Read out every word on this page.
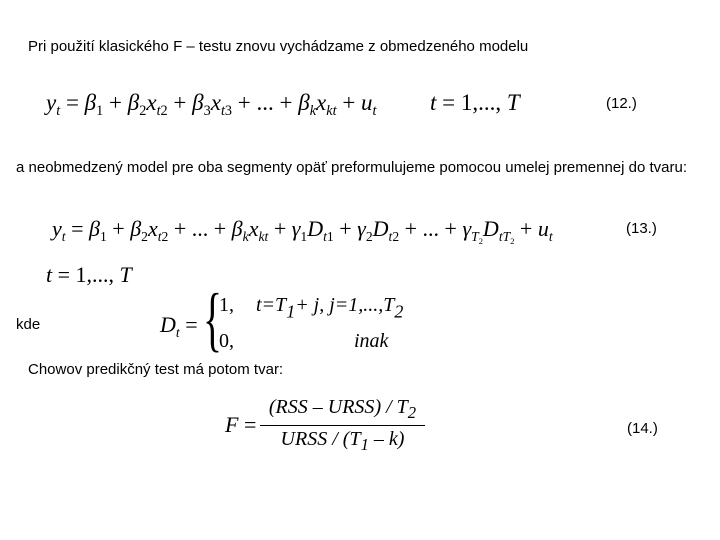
Pri použití klasického F – testu znovu vychádzame z obmedzeného modelu
$y_t = \beta_1 + \beta_2x_{t2} + \beta_3x_{t3}$ + ... + $\beta_kx_{kt} + u_t$ t = 1,..., T	(12.)
a neobmedzený model pre oba segmenty opäť preformulujeme pomocou umelej premennej do tvaru:
$y_t = \beta_1 + \beta_2x_{t2}$ + ... + $\beta_kx_{kt} + \gamma_1D_{t1} + \gamma_2D_{t2}$ + ... + $\gamma_{T_2}D_{tT_2} + u_t$	(13.)
t = 1,..., T
kde	$D_t$ = {
1, $t=T_1+ j$, $j=1,...,T_2$
0,	inak
Chowov predikčný test má potom tvar:
F =
(RSS – URSS) / $T_2$
URSS / $(T_1 - k)$	(14.)
